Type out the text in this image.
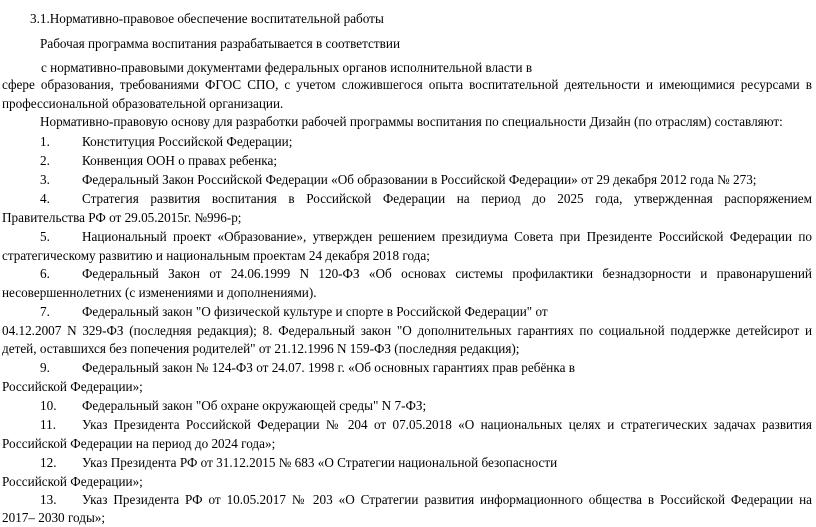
3.1.Нормативно-правовое обеспечение воспитательной работы
Рабочая программа воспитания разрабатывается в соответствии
с нормативно-правовыми документами федеральных органов исполнительной власти в
сфере образования, требованиями ФГОС СПО, с учетом сложившегося опыта воспитательной деятельности и имеющимися ресурсами в
профессиональной образовательной организации.
Нормативно-правовую основу для разработки рабочей программы воспитания по специальности Дизайн (по отраслям) составляют:
1. Конституция Российской Федерации;
2. Конвенция ООН о правах ребенка;
3. Федеральный Закон Российской Федерации «Об образовании в Российской Федерации» от 29 декабря 2012 года № 273;
4. Стратегия развития воспитания в Российской Федерации на период до 2025 года, утвержденная распоряжением
Правительства РФ от 29.05.2015г. №996-р;
5. Национальный проект «Образование», утвержден решением президиума Совета при Президенте Российской Федерации по
стратегическому развитию и национальным проектам 24 декабря 2018 года;
6. Федеральный Закон от 24.06.1999 N 120-ФЗ «Об основах системы профилактики безнадзорности и правонарушений
несовершеннолетних (с изменениями и дополнениями).
7. Федеральный закон "О физической культуре и спорте в Российской Федерации" от
04.12.2007 N 329-ФЗ (последняя редакция); 8. Федеральный закон "О дополнительных гарантиях по социальной поддержке детейсирот и
детей, оставшихся без попечения родителей" от 21.12.1996 N 159-ФЗ (последняя редакция);
9. Федеральный закон № 124-ФЗ от 24.07. 1998 г. «Об основных гарантиях прав ребёнка в
Российской Федерации»;
10. Федеральный закон "Об охране окружающей среды" N 7-ФЗ;
11. Указ Президента Российской Федерации № 204 от 07.05.2018 «О национальных целях и стратегических задачах развития
Российской Федерации на период до 2024 года»;
12. Указ Президента РФ от 31.12.2015 № 683 «О Стратегии национальной безопасности
Российской Федерации»;
13. Указ Президента РФ от 10.05.2017 № 203 «О Стратегии развития информационного общества в Российской Федерации на
2017– 2030 годы»;
